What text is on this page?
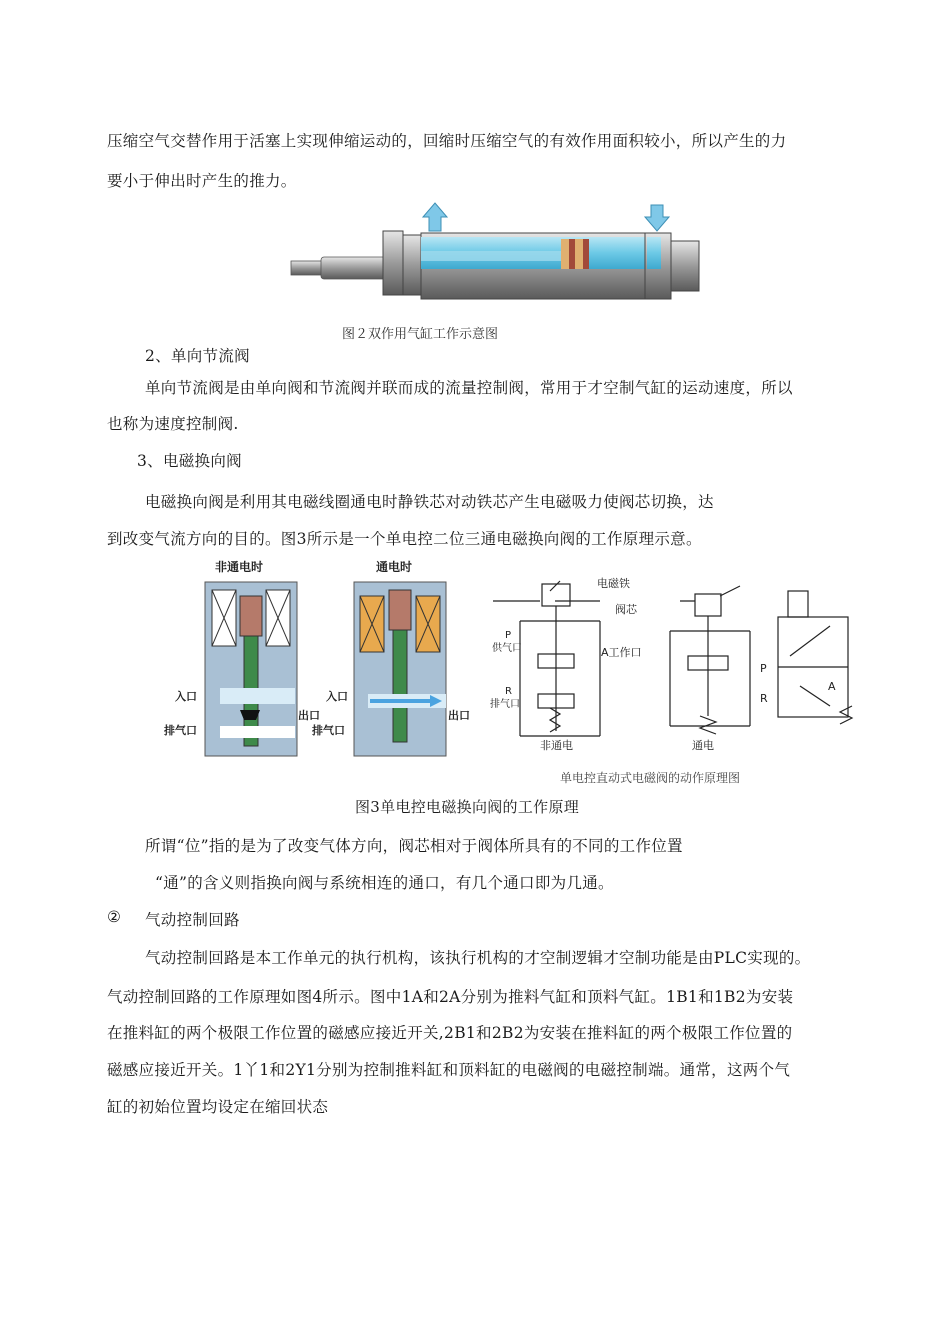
压缩空气交替作用于活塞上实现伸缩运动的，回缩时压缩空气的有效作用面积较小，所以产生的力
要小于伸出时产生的推力。
图２双作用气缸工作示意图
2、单向节流阀
单向节流阀是由单向阀和节流阀并联而成的流量控制阀，常用于才空制气缸的运动速度，所以
也称为速度控制阀.
3、电磁换向阀
电磁换向阀是利用其电磁线圈通电时静铁芯对动铁芯产生电磁吸力使阀芯切换，达
到改变气流方向的目的。图3所示是一个单电控二位三通电磁换向阀的工作原理示意。
非通电时
入口
出口
排气口
通电时
入口
出口
排气口
电磁铁
阀芯
P
供气口	A工作口
R
排气口
非通电	通电
P
R
A
单电控直动式电磁阀的动作原理图
图3单电控电磁换向阀的工作原理
所谓“位”指的是为了改变气体方向，阀芯相对于阀体所具有的不同的工作位置
“通”的含义则指换向阀与系统相连的通口，有几个通口即为几通。
② 气动控制回路
气动控制回路是本工作单元的执行机构，该执行机构的才空制逻辑才空制功能是由PLC实现的。
气动控制回路的工作原理如图4所示。图中1A和2A分别为推料气缸和顶料气缸。1B1和1B2为安装
在推料缸的两个极限工作位置的磁感应接近开关,2B1和2B2为安装在推料缸的两个极限工作位置的
磁感应接近开关。1丫1和2Y1分别为控制推料缸和顶料缸的电磁阀的电磁控制端。通常，这两个气
缸的初始位置均设定在缩回状态
